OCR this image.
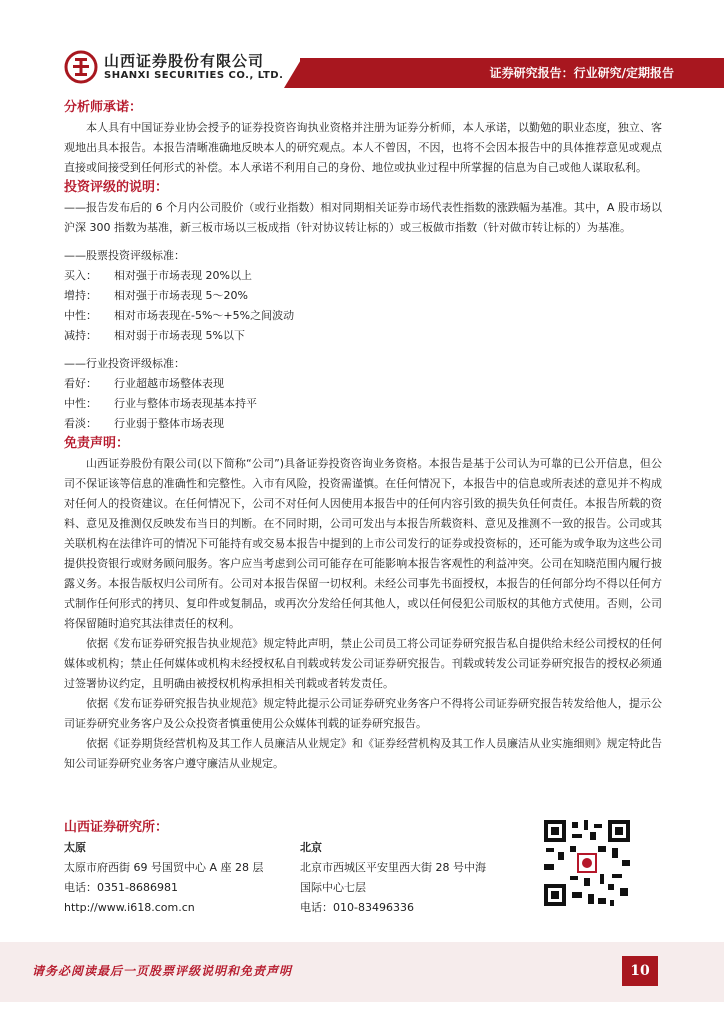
山西证券股份有限公司
SHANXI SECURITIES CO., LTD.	证券研究报告：行业研究/定期报告
分析师承诺：

本人具有中国证券业协会授予的证券投资咨询执业资格并注册为证券分析师，本人承诺，以勤勉的职业态度，独立、客观地出具本报告。本报告清晰准确地反映本人的研究观点。本人不曾因，不因，也将不会因本报告中的具体推荐意见或观点直接或间接受到任何形式的补偿。本人承诺不利用自己的身份、地位或执业过程中所掌握的信息为自己或他人谋取私利。

投资评级的说明：

——报告发布后的 6 个月内公司股价（或行业指数）相对同期相关证券市场代表性指数的涨跌幅为基准。其中，A 股市场以沪深 300 指数为基准，新三板市场以三板成指（针对协议转让标的）或三板做市指数（针对做市转让标的）为基准。

——股票投资评级标准：

买入：	相对强于市场表现 20%以上
增持：	相对强于市场表现 5～20%
中性：	相对市场表现在-5%～+5%之间波动
减持：	相对弱于市场表现 5%以下

——行业投资评级标准：

看好：	行业超越市场整体表现
中性：	行业与整体市场表现基本持平
看淡：	行业弱于整体市场表现
免责声明：

山西证券股份有限公司(以下简称“公司”)具备证券投资咨询业务资格。本报告是基于公司认为可靠的已公开信息，但公司不保证该等信息的准确性和完整性。入市有风险，投资需谨慎。在任何情况下，本报告中的信息或所表述的意见并不构成对任何人的投资建议。在任何情况下，公司不对任何人因使用本报告中的任何内容引致的损失负任何责任。本报告所载的资料、意见及推测仅反映发布当日的判断。在不同时期，公司可发出与本报告所载资料、意见及推测不一致的报告。公司或其关联机构在法律许可的情况下可能持有或交易本报告中提到的上市公司发行的证券或投资标的，还可能为或争取为这些公司提供投资银行或财务顾问服务。客户应当考虑到公司可能存在可能影响本报告客观性的利益冲突。公司在知晓范围内履行披露义务。本报告版权归公司所有。公司对本报告保留一切权利。未经公司事先书面授权，本报告的任何部分均不得以任何方式制作任何形式的拷贝、复印件或复制品，或再次分发给任何其他人，或以任何侵犯公司版权的其他方式使用。否则，公司将保留随时追究其法律责任的权利。

依据《发布证券研究报告执业规范》规定特此声明，禁止公司员工将公司证券研究报告私自提供给未经公司授权的任何媒体或机构；禁止任何媒体或机构未经授权私自刊载或转发公司证券研究报告。刊载或转发公司证券研究报告的授权必须通过签署协议约定，且明确由被授权机构承担相关刊载或者转发责任。

依据《发布证券研究报告执业规范》规定特此提示公司证券研究业务客户不得将公司证券研究报告转发给他人，提示公司证券研究业务客户及公众投资者慎重使用公众媒体刊载的证券研究报告。

依据《证券期货经营机构及其工作人员廉洁从业规定》和《证券经营机构及其工作人员廉洁从业实施细则》规定特此告知公司证券研究业务客户遵守廉洁从业规定。

山西证券研究所：
太原
太原市府西街 69 号国贸中心 A 座 28 层
电话：0351-8686981
http://www.i618.com.cn
北京
北京市西城区平安里西大街 28 号中海
国际中心七层
电话：010-83496336
请务必阅读最后一页股票评级说明和免责声明	10
